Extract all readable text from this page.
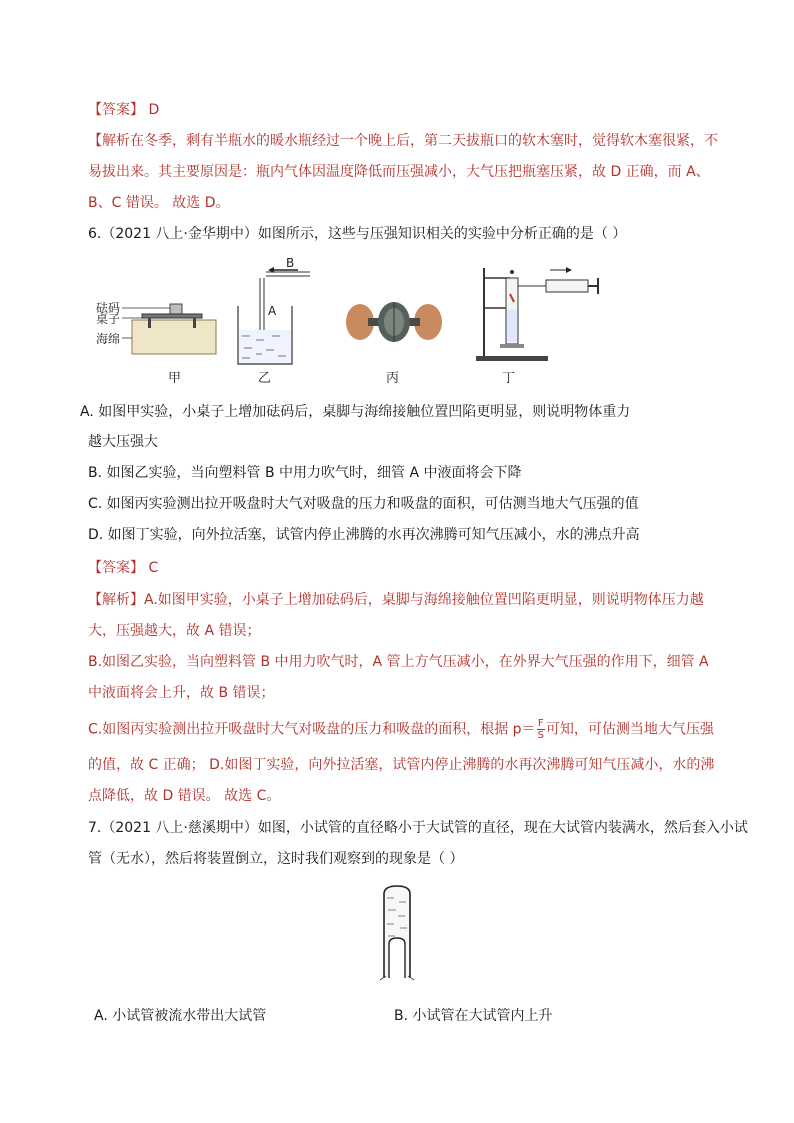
【答案】 D
【解析在冬季，剩有半瓶水的暖水瓶经过一个晚上后，第二天拔瓶口的软木塞时，觉得软木塞很紧，不
易拔出来。其主要原因是：瓶内气体因温度降低而压强减小，大气压把瓶塞压紧，故 D 正确，而 A、
B、C 错误。 故选 D。
6.（2021 八上·金华期中）如图所示，这些与压强知识相关的实验中分析正确的是（ ）
砝码
桌子
海绵
甲
B
A
乙	丙	丁
A. 如图甲实验，小桌子上增加砝码后，桌脚与海绵接触位置凹陷更明显，则说明物体重力
越大压强大
B. 如图乙实验，当向塑料管 B 中用力吹气时，细管 A 中液面将会下降
C. 如图丙实验测出拉开吸盘时大气对吸盘的压力和吸盘的面积，可估测当地大气压强的值
D. 如图丁实验，向外拉活塞，试管内停止沸腾的水再次沸腾可知气压减小，水的沸点升高
【答案】 C
【解析】A.如图甲实验，小桌子上增加砝码后，桌脚与海绵接触位置凹陷更明显，则说明物体压力越
大，压强越大，故 A 错误；
B.如图乙实验，当向塑料管 B 中用力吹气时，A 管上方气压减小，在外界大气压强的作用下，细管 A
中液面将会上升，故 B 错误；
C.如图丙实验测出拉开吸盘时大气对吸盘的压力和吸盘的面积，根据 $p= \frac{F}{S}$ 可知，可估测当地大气压强
的值，故 C 正确； D.如图丁实验，向外拉活塞，试管内停止沸腾的水再次沸腾可知气压减小，水的沸
点降低，故 D 错误。 故选 C。
7.（2021 八上·慈溪期中）如图，小试管的直径略小于大试管的直径，现在大试管内装满水，然后套入小试
管（无水），然后将装置倒立，这时我们观察到的现象是（ ）
A. 小试管被流水带出大试管	B. 小试管在大试管内上升
